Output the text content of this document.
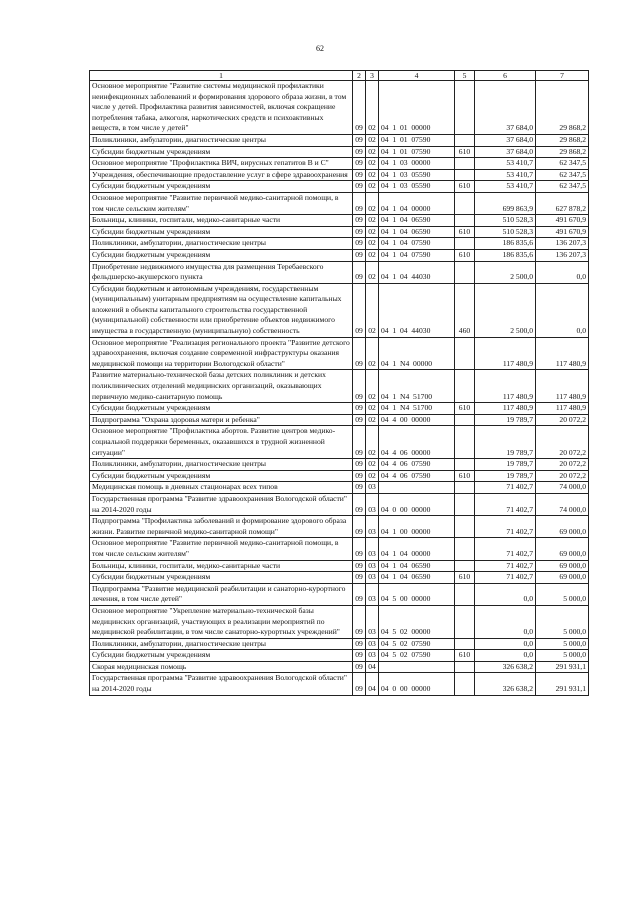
62
1	2	3	4	5	6	7
Основное мероприятие "Развитие системы медицинской профилактики неинфекционных заболеваний и формирования здорового образа жизни, в том числе у детей. Профилактика развития зависимостей, включая сокращение потребления табака, алкоголя, наркотических средств и психоактивных веществ, в том числе у детей"	09	02	04  1  01  00000		37 684,0	29 868,2
Поликлиники, амбулатории, диагностические центры	09	02	04  1  01  07590		37 684,0	29 868,2
Субсидии бюджетным учреждениям	09	02	04  1  01  07590	610	37 684,0	29 868,2
Основное мероприятие "Профилактика ВИЧ, вирусных гепатитов В и С"	09	02	04  1  03  00000		53 410,7	62 347,5
Учреждения, обеспечивающие предоставление услуг в сфере здравоохранения	09	02	04  1  03  05590		53 410,7	62 347,5
Субсидии бюджетным учреждениям	09	02	04  1  03  05590	610	53 410,7	62 347,5
Основное мероприятие "Развитие первичной медико-санитарной помощи, в том числе сельским жителям"	09	02	04  1  04  00000		699 863,9	627 878,2
Больницы, клиники, госпитали, медико-санитарные части	09	02	04  1  04  06590		510 528,3	491 670,9
Субсидии бюджетным учреждениям	09	02	04  1  04  06590	610	510 528,3	491 670,9
Поликлиники, амбулатории, диагностические центры	09	02	04  1  04  07590		186 835,6	136 207,3
Субсидии бюджетным учреждениям	09	02	04  1  04  07590	610	186 835,6	136 207,3
Приобретение недвижимого имущества для размещения Теребаевского фельдшерско-акушерского пункта	09	02	04  1  04  44030		2 500,0	0,0
Субсидии бюджетным и автономным учреждениям, государственным (муниципальным) унитарным предприятиям на осуществление капитальных вложений в объекты капитального строительства государственной (муниципальной) собственности или приобретение объектов недвижимого имущества в государственную (муниципальную) собственность	09	02	04  1  04  44030	460	2 500,0	0,0
Основное мероприятие "Реализация регионального проекта "Развитие детского здравоохранения, включая создание современной инфраструктуры оказания медицинской помощи на территории Вологодской области"	09	02	04  1  N4  00000		117 480,9	117 480,9
Развитие материально-технической базы детских поликлиник и детских поликлинических отделений медицинских организаций, оказывающих первичную медико-санитарную помощь	09	02	04  1  N4  51700		117 480,9	117 480,9
Субсидии бюджетным учреждениям	09	02	04  1  N4  51700	610	117 480,9	117 480,9
Подпрограмма "Охрана здоровья матери и ребенка"	09	02	04  4  00  00000		19 789,7	20 072,2
Основное мероприятие "Профилактика абортов. Развитие центров медико-социальной поддержки беременных, оказавшихся в трудной жизненной ситуации"	09	02	04  4  06  00000		19 789,7	20 072,2
Поликлиники, амбулатории, диагностические центры	09	02	04  4  06  07590		19 789,7	20 072,2
Субсидии бюджетным учреждениям	09	02	04  4  06  07590	610	19 789,7	20 072,2
Медицинская помощь в дневных стационарах всех типов	09	03			71 402,7	74 000,0
Государственная программа "Развитие здравоохранения Вологодской области" на 2014-2020 годы	09	03	04  0  00  00000		71 402,7	74 000,0
Подпрограмма "Профилактика заболеваний и формирование здорового образа жизни. Развитие первичной медико-санитарной помощи"	09	03	04  1  00  00000		71 402,7	69 000,0
Основное мероприятие "Развитие первичной медико-санитарной помощи, в том числе сельским жителям"	09	03	04  1  04  00000		71 402,7	69 000,0
Больницы, клиники, госпитали, медико-санитарные части	09	03	04  1  04  06590		71 402,7	69 000,0
Субсидии бюджетным учреждениям	09	03	04  1  04  06590	610	71 402,7	69 000,0
Подпрограмма "Развитие медицинской реабилитации и санаторно-курортного лечения, в том числе детей"	09	03	04  5  00  00000		0,0	5 000,0
Основное мероприятие "Укрепление материально-технической базы медицинских организаций, участвующих в реализации мероприятий по медицинской реабилитации, в том числе санаторно-курортных учреждений"	09	03	04  5  02  00000		0,0	5 000,0
Поликлиники, амбулатории, диагностические центры	09	03	04  5  02  07590		0,0	5 000,0
Субсидии бюджетным учреждениям	09	03	04  5  02  07590	610	0,0	5 000,0
Скорая медицинская помощь	09	04			326 638,2	291 931,1
Государственная программа "Развитие здравоохранения Вологодской области" на 2014-2020 годы	09	04	04  0  00  00000		326 638,2	291 931,1
